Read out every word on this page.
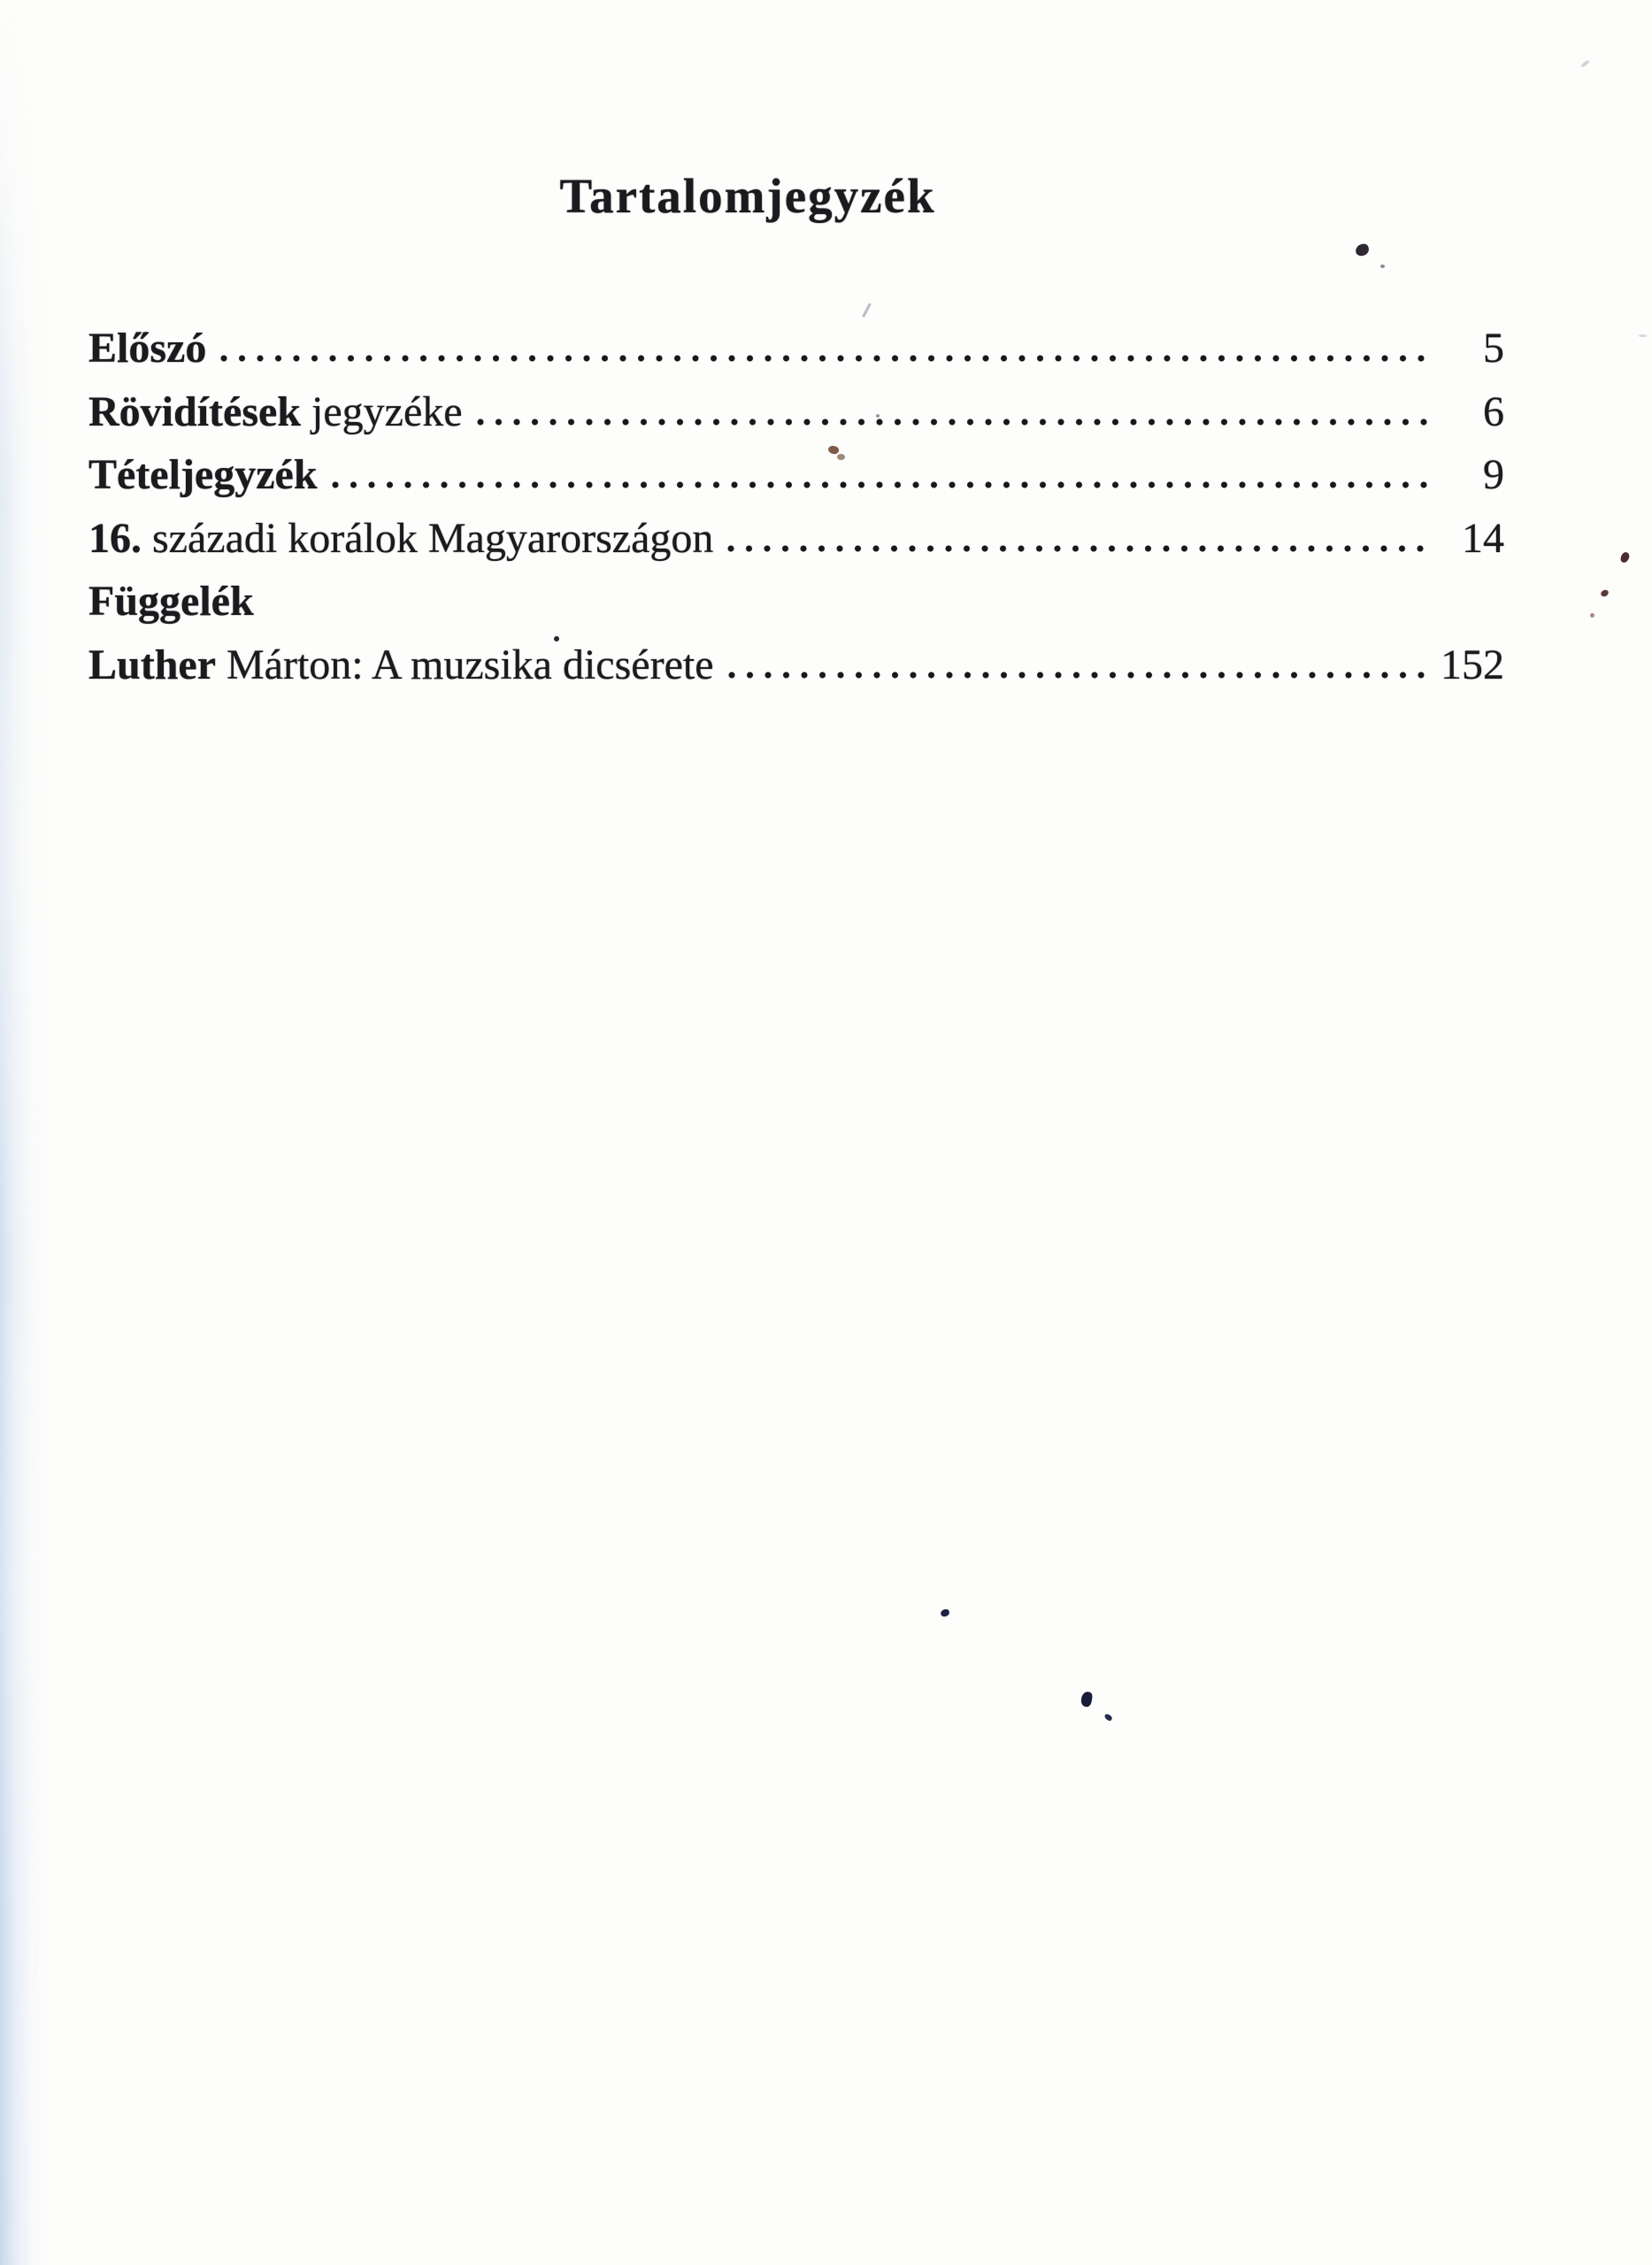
Tartalomjegyzék
Előszó	5
Rövidítések jegyzéke	6
Tételjegyzék	9
16. századi korálok Magyarországon	14
Függelék
Luther Márton: A muzsika dicsérete	152
